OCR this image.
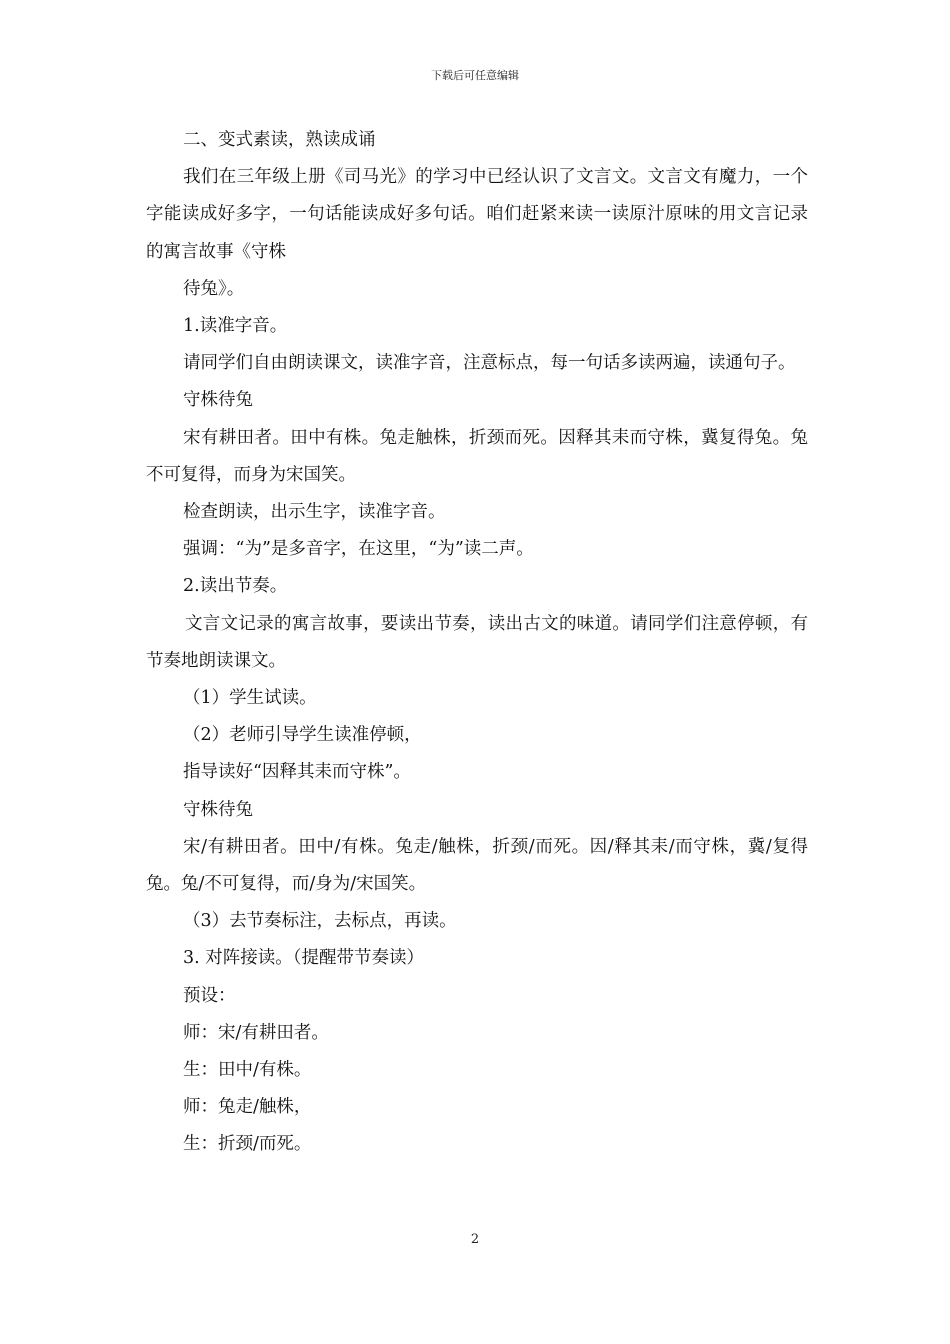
下载后可任意编辑

二、变式素读，熟读成诵

我们在三年级上册《司马光》的学习中已经认识了文言文。文言文有魔力，一个字能读成好多字，一句话能读成好多句话。咱们赶紧来读一读原汁原味的用文言记录的寓言故事《守株

待兔》。

1.读准字音。

请同学们自由朗读课文，读准字音，注意标点，每一句话多读两遍，读通句子。

守株待兔

宋有耕田者。田中有株。兔走触株，折颈而死。因释其耒而守株，冀复得兔。兔不可复得，而身为宋国笑。

检查朗读，出示生字，读准字音。

强调：“为”是多音字，在这里，“为”读二声。

2.读出节奏。

文言文记录的寓言故事，要读出节奏，读出古文的味道。请同学们注意停顿，有节奏地朗读课文。

（1）学生试读。

（2）老师引导学生读准停顿，

指导读好“因释其耒而守株”。

守株待兔

宋/有耕田者。田中/有株。兔走/触株，折颈/而死。因/释其耒/而守株，冀/复得兔。兔/不可复得，而/身为/宋国笑。

（3）去节奏标注，去标点，再读。

3. 对阵接读。（提醒带节奏读）

预设：

师：宋/有耕田者。

生：田中/有株。

师：兔走/触株，

生：折颈/而死。

2
